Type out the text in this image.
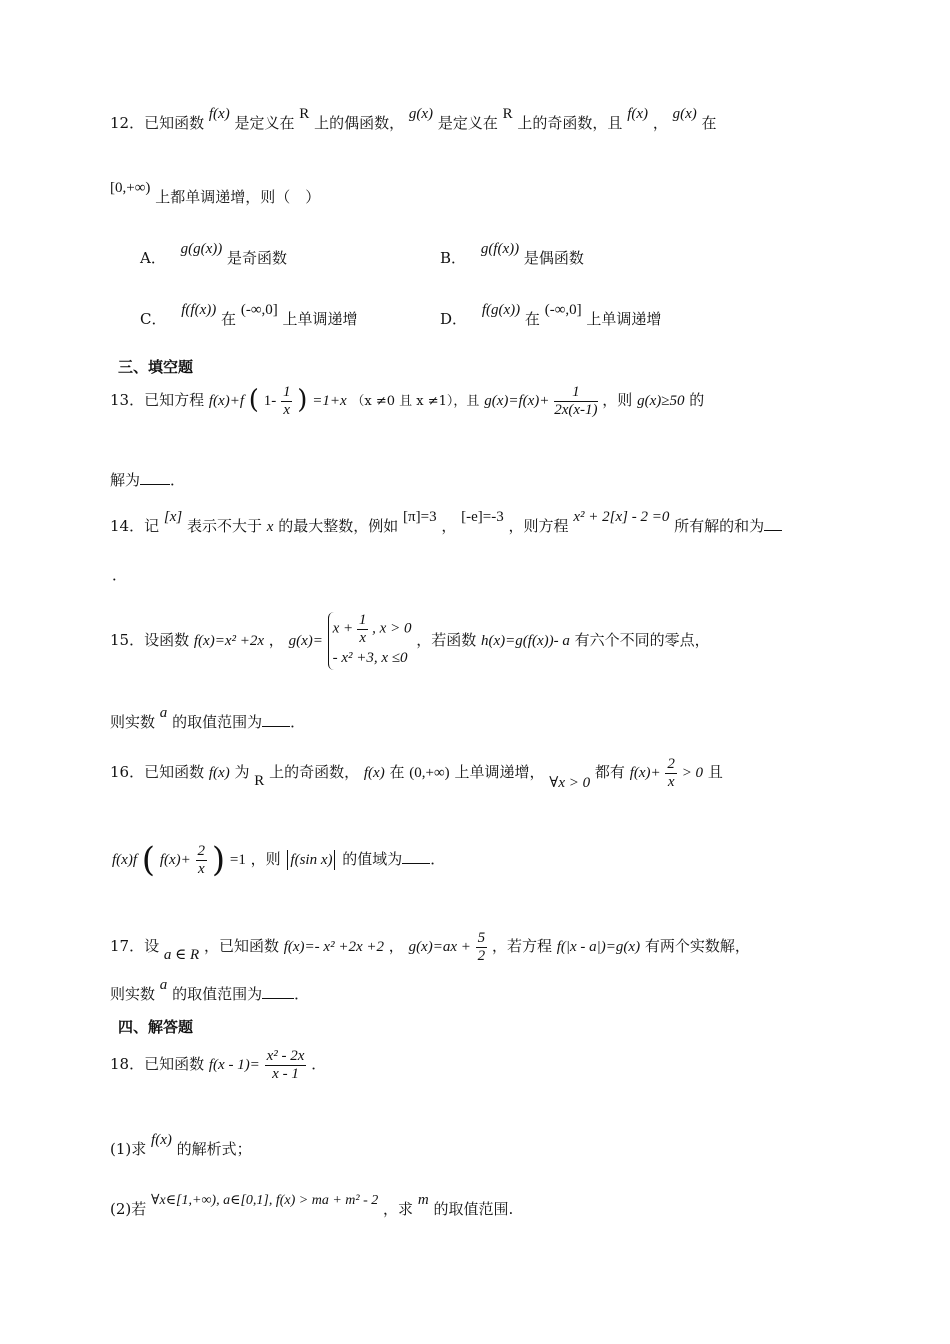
12．已知函数 f(x) 是定义在 R 上的偶函数， g(x) 是定义在 R 上的奇函数，且 f(x) ， g(x) 在
[0,+∞) 上都单调递增，则（　）
A． g(g(x)) 是奇函数	B． g(f(x)) 是偶函数
C． f(f(x)) 在 (-∞,0] 上单调递增	D． f(g(x)) 在 (-∞,0] 上单调递增
三、填空题
13．已知方程 f(x)+f ( $1- \frac{1}{x}$ ) =1+x （x ≠0 且 x ≠1），且 $g(x)=f(x)+ \frac{1}{2x(x-1)}$ ，则 g(x)≥50 的
解为 ．
14．记 [x] 表示不大于 x 的最大整数，例如 [π]=3 ， [-e]=-3 ，则方程 x² + 2[x] - 2 =0 所有解的和为
．
15．设函数 f(x)=x² +2x ， g(x)=
$x + \frac{1}{x}$ , x > 0
- x² +3, x ≤0
，若函数 h(x)=g(f(x))- a 有六个不同的零点，
则实数 a 的取值范围为 ．
16．已知函数 f(x) 为 R 上的奇函数， f(x) 在 (0,+∞) 上单调递增， ∀x > 0 都有 $f(x)+ \frac{2}{x} > 0$ 且
f(x)f ( $f(x)+ \frac{2}{x}$ ) =1 ，则 f(sin x) 的值域为 ．
17．设 a ∈ R ，已知函数 f(x)=- x² +2x +2 ， $g(x)=ax + \frac{5}{2}$ ，若方程 f(|x - a|)=g(x) 有两个实数解，
则实数 a 的取值范围为 ．
四、解答题
18．已知函数 $f(x - 1)= \frac{\text{x² - 2x}}{x - 1}$ ．
(1)求 f(x) 的解析式；
(2)若 ∀x∈[1,+∞), a∈[0,1], f(x) > ma + m² - 2 ，求 m 的取值范围.
